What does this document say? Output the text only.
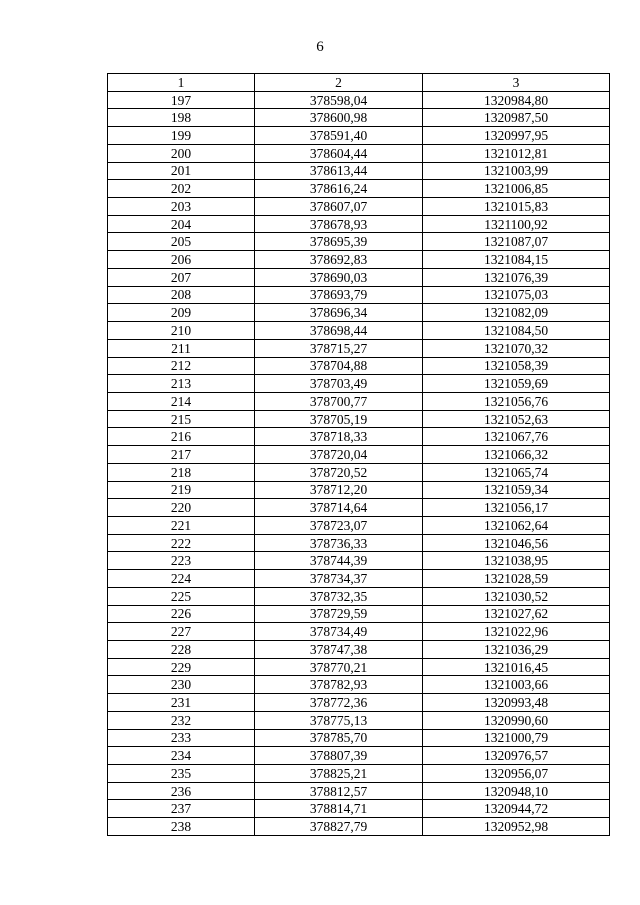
6
1	2	3
197	378598,04	1320984,80
198	378600,98	1320987,50
199	378591,40	1320997,95
200	378604,44	1321012,81
201	378613,44	1321003,99
202	378616,24	1321006,85
203	378607,07	1321015,83
204	378678,93	1321100,92
205	378695,39	1321087,07
206	378692,83	1321084,15
207	378690,03	1321076,39
208	378693,79	1321075,03
209	378696,34	1321082,09
210	378698,44	1321084,50
211	378715,27	1321070,32
212	378704,88	1321058,39
213	378703,49	1321059,69
214	378700,77	1321056,76
215	378705,19	1321052,63
216	378718,33	1321067,76
217	378720,04	1321066,32
218	378720,52	1321065,74
219	378712,20	1321059,34
220	378714,64	1321056,17
221	378723,07	1321062,64
222	378736,33	1321046,56
223	378744,39	1321038,95
224	378734,37	1321028,59
225	378732,35	1321030,52
226	378729,59	1321027,62
227	378734,49	1321022,96
228	378747,38	1321036,29
229	378770,21	1321016,45
230	378782,93	1321003,66
231	378772,36	1320993,48
232	378775,13	1320990,60
233	378785,70	1321000,79
234	378807,39	1320976,57
235	378825,21	1320956,07
236	378812,57	1320948,10
237	378814,71	1320944,72
238	378827,79	1320952,98
